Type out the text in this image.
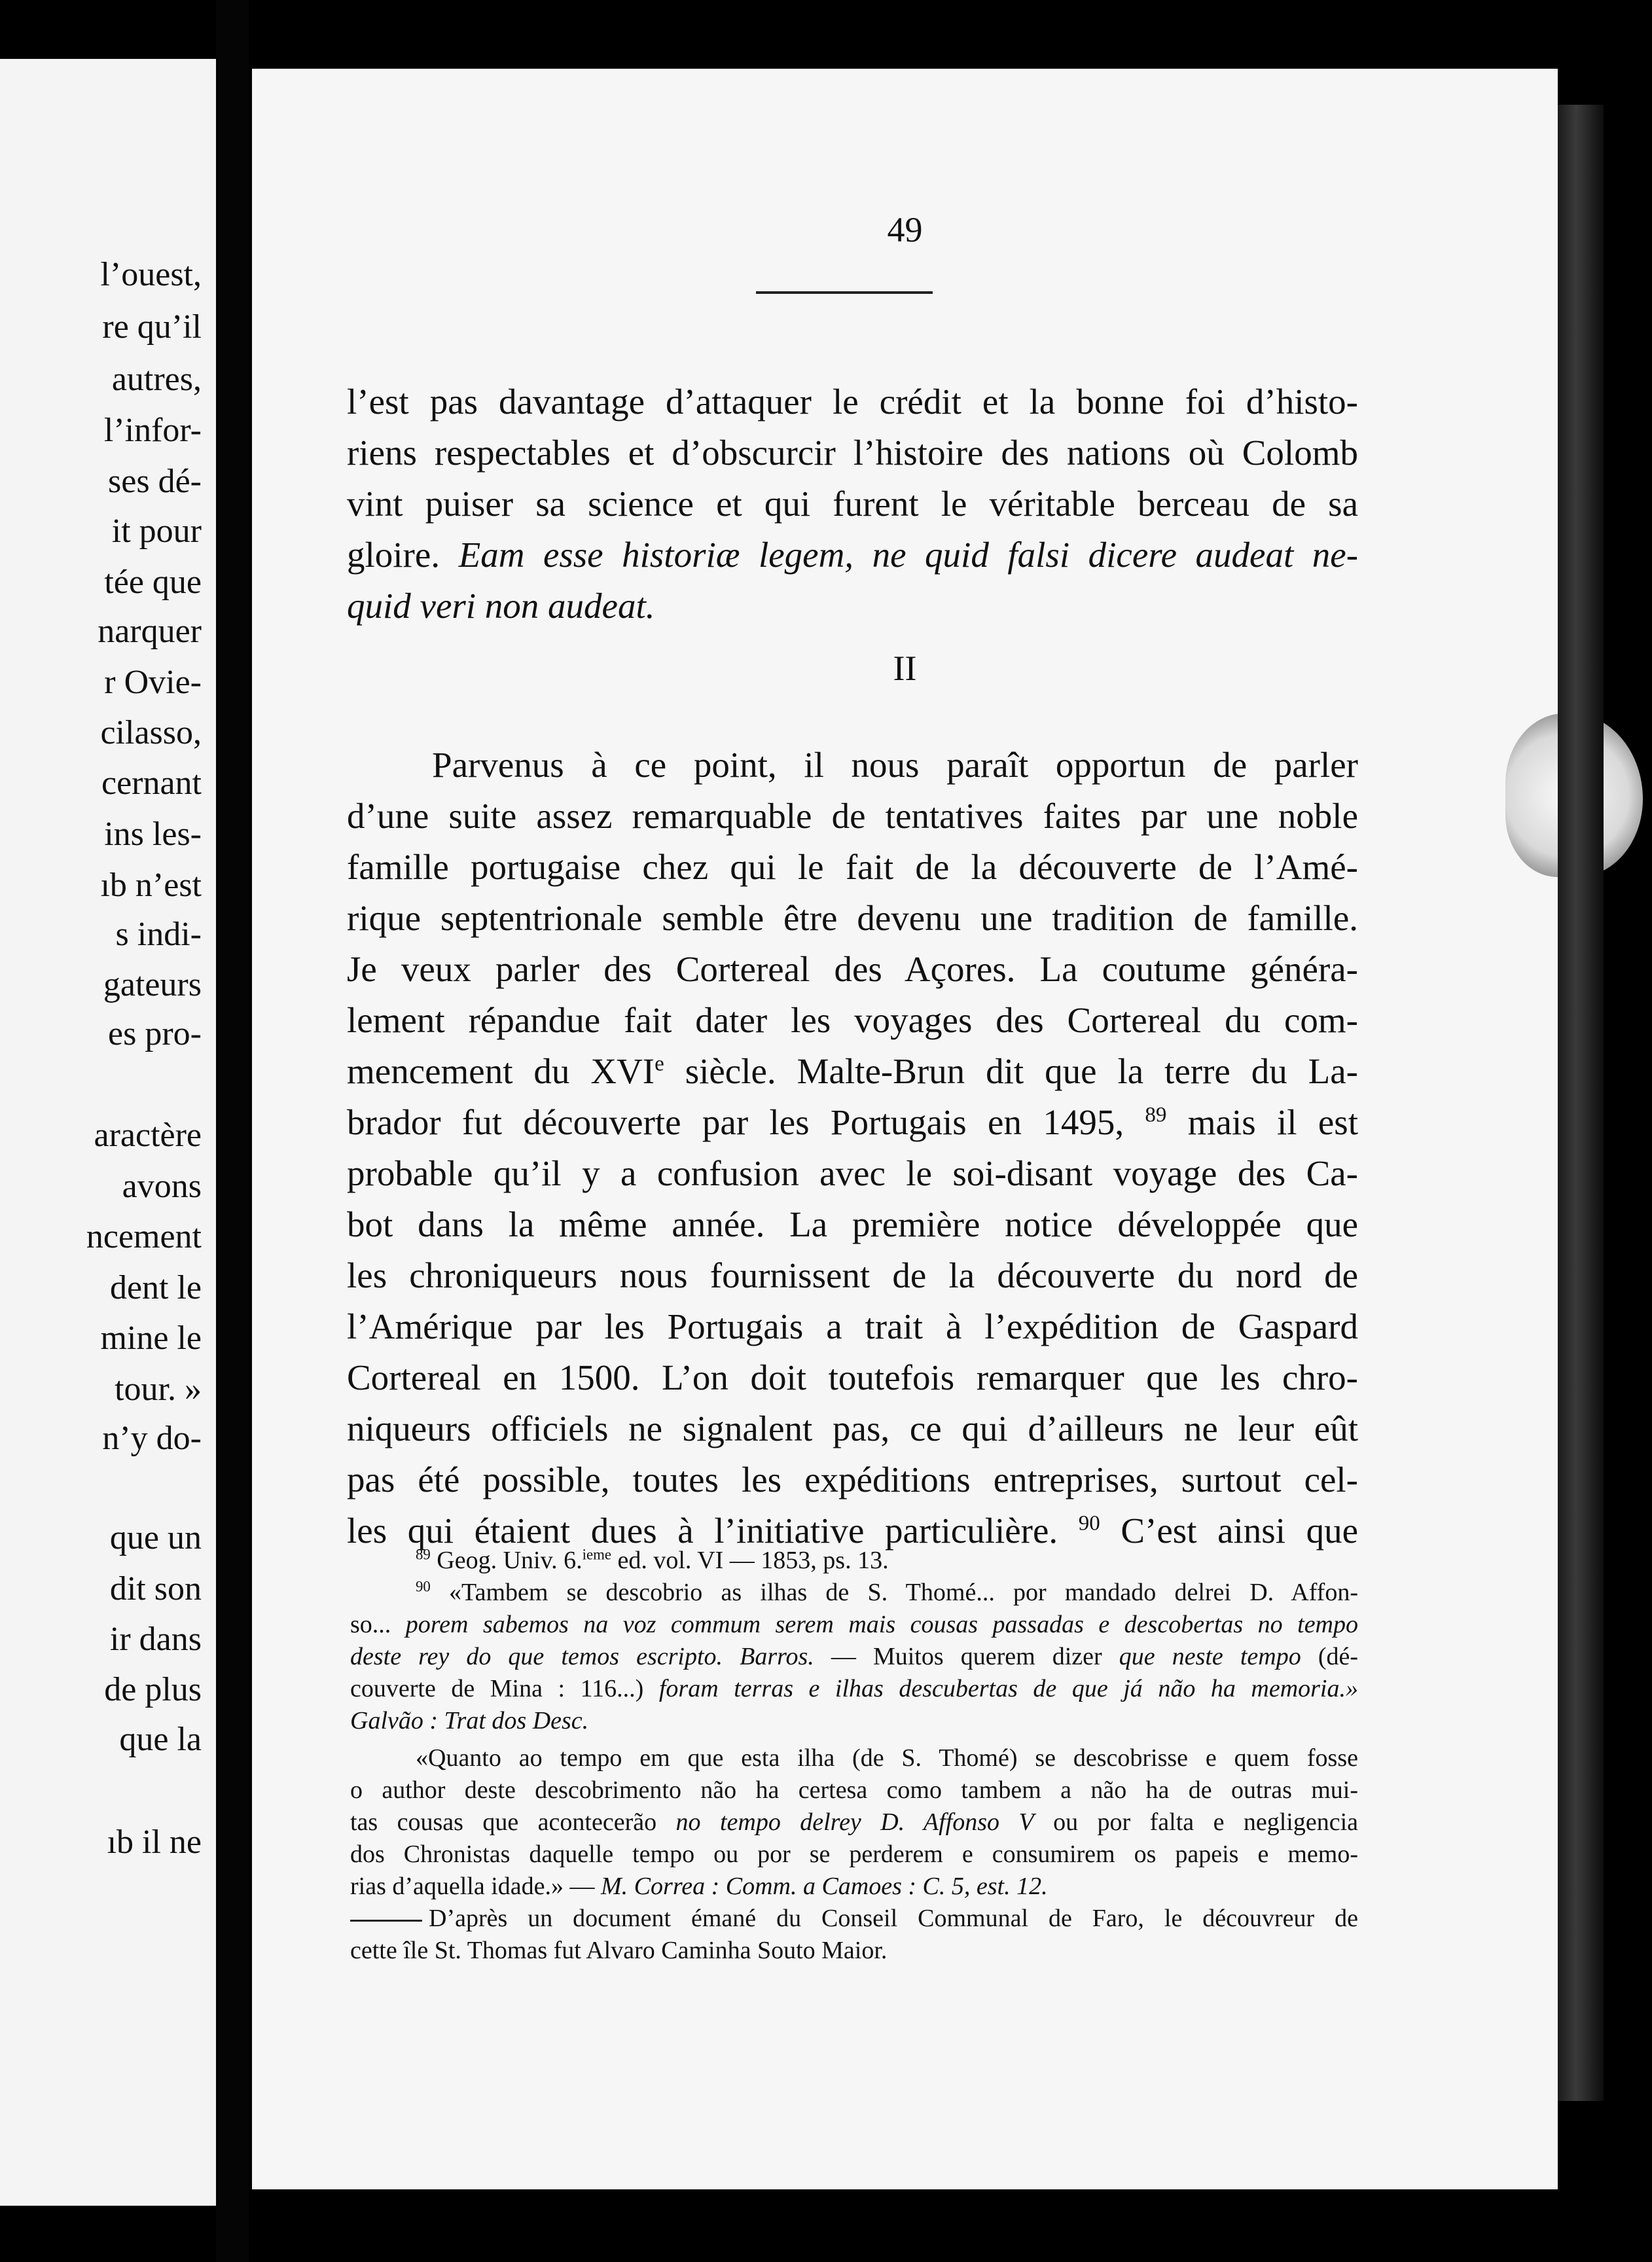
l’ouest,
re qu’il
autres,
l’infor-
ses dé-
it pour
tée que
narquer
r Ovie-
cilasso,
cernant
ins les-
ıb n’est
s indi-
gateurs
es pro-
aractère
avons
ncement
dent le
mine le
tour. »
n’y do-
que un
dit son
ir dans
de plus
que la
ıb il ne
49
l’est pas davantage d’attaquer le crédit et la bonne foi d’histo-
riens respectables et d’obscurcir l’histoire des nations où Colomb
vint puiser sa science et qui furent le véritable berceau de sa
gloire. Eam esse historiæ legem, ne quid falsi dicere audeat ne-
quid veri non audeat.
II
Parvenus à ce point, il nous paraît opportun de parler
d’une suite assez remarquable de tentatives faites par une noble
famille portugaise chez qui le fait de la découverte de l’Amé-
rique septentrionale semble être devenu une tradition de famille.
Je veux parler des Cortereal des Açores. La coutume généra-
lement répandue fait dater les voyages des Cortereal du com-
mencement du XVIe siècle. Malte-Brun dit que la terre du La-
brador fut découverte par les Portugais en 1495, $^{89}$ mais il est
probable qu’il y a confusion avec le soi-disant voyage des Ca-
bot dans la même année. La première notice développée que
les chroniqueurs nous fournissent de la découverte du nord de
l’Amérique par les Portugais a trait à l’expédition de Gaspard
Cortereal en 1500. L’on doit toutefois remarquer que les chro-
niqueurs officiels ne signalent pas, ce qui d’ailleurs ne leur eût
pas été possible, toutes les expéditions entreprises, surtout cel-
les qui étaient dues à l’initiative particulière. $^{90}$ C’est ainsi que
$^{89}$ Geog. Univ. 6.$^{ieme}$ ed. vol. VI — 1853, ps. 13.
$^{90}$ «Tambem se descobrio as ilhas de S. Thomé... por mandado delrei D. Affon-
so... porem sabemos na voz commum serem mais cousas passadas e descobertas no tempo
deste rey do que temos escripto. Barros. — Muitos querem dizer que neste tempo (dé-
couverte de Mina : 116...) foram terras e ilhas descubertas de que já não ha memoria.»
Galvão : Trat dos Desc.
«Quanto ao tempo em que esta ilha (de S. Thomé) se descobrisse e quem fosse
o author deste descobrimento não ha certesa como tambem a não ha de outras mui-
tas cousas que acontecerão no tempo delrey D. Affonso V ou por falta e negligencia
dos Chronistas daquelle tempo ou por se perderem e consumirem os papeis e memo-
rias d’aquella idade.» — M. Correa : Comm. a Camoes : C. 5, est. 12.
D’après un document émané du Conseil Communal de Faro, le découvreur de
cette île St. Thomas fut Alvaro Caminha Souto Maior.
